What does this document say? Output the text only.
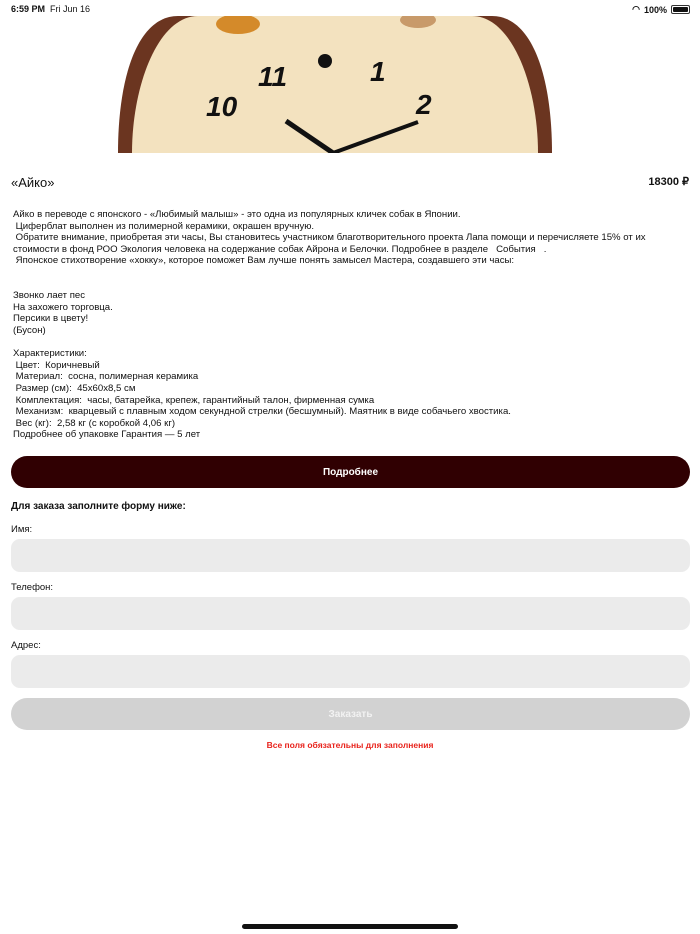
6:59 PM Fri Jun 16	◠ 100%
11	1
10	2
«Айко»	18300 ₽
Айко в переводе с японского - «Любимый малыш» - это одна из популярных кличек собак в Японии.
Циферблат выполнен из полимерной керамики, окрашен вручную.
Обратите внимание, приобретая эти часы, Вы становитесь участником благотворительного проекта Лапа помощи и перечисляете 15% от их стоимости в фонд РОО Экология человека на содержание собак Айрона и Белочки. Подробнее в разделе   События   .
Японское стихотворение «хокку», которое поможет Вам лучше понять замысел Мастера, создавшего эти часы:

Звонко лает пес
На захожего торговца.
Персики в цвету!
(Бусон)

Характеристики:
Цвет:  Коричневый
Материал:  сосна, полимерная керамика
Размер (см):  45х60х8,5 см
Комплектация:  часы, батарейка, крепеж, гарантийный талон, фирменная сумка
Механизм:  кварцевый с плавным ходом секундной стрелки (бесшумный). Маятник в виде собачьего хвостика.
Вес (кг):  2,58 кг (с коробкой 4,06 кг)
Подробнее об упаковке Гарантия — 5 лет
Подробнее
Для заказа заполните форму ниже:
Имя:
Телефон:
Адрес:
Заказать
Все поля обязательны для заполнения
